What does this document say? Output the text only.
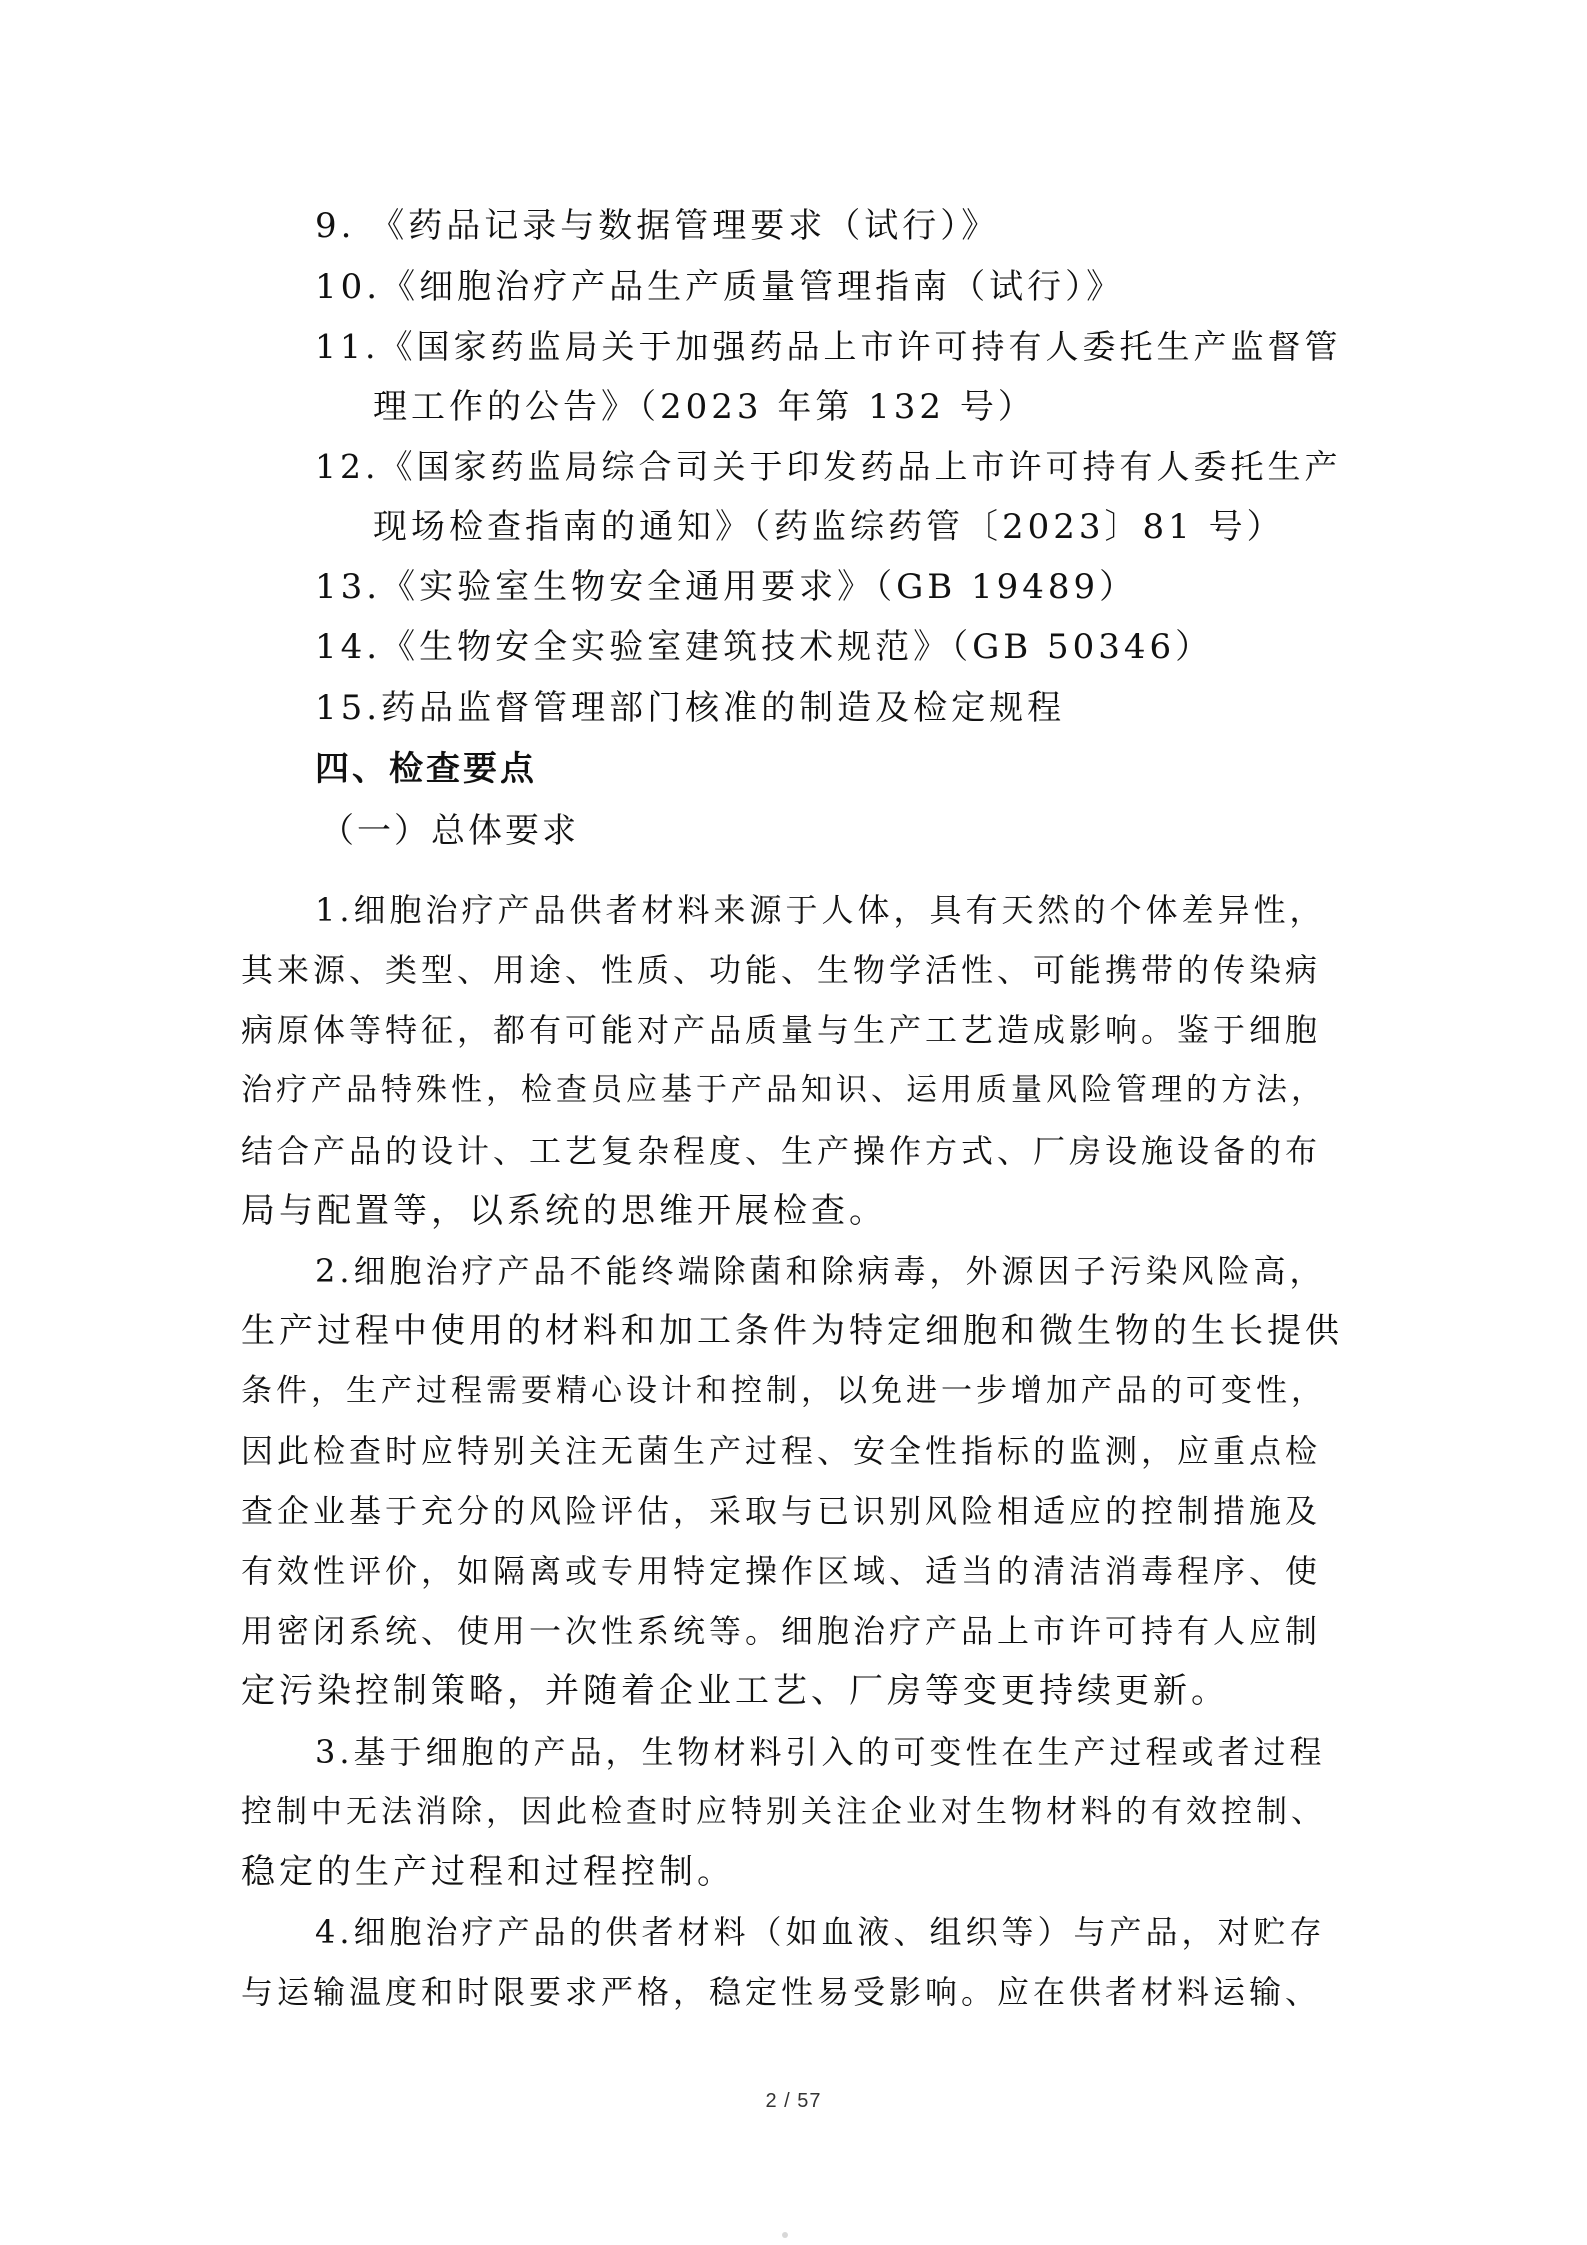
9. 《药品记录与数据管理要求（试行）》
10.《细胞治疗产品生产质量管理指南（试行）》
11.《国家药监局关于加强药品上市许可持有人委托生产监督管
理工作的公告》（2023 年第 132 号）
12.《国家药监局综合司关于印发药品上市许可持有人委托生产
现场检查指南的通知》（药监综药管〔2023〕81 号）
13.《实验室生物安全通用要求》（GB 19489）
14.《生物安全实验室建筑技术规范》（GB 50346）
15.药品监督管理部门核准的制造及检定规程
四、检查要点
（一）总体要求
1.细胞治疗产品供者材料来源于人体，具有天然的个体差异性，
其来源、类型、用途、性质、功能、生物学活性、可能携带的传染病
病原体等特征，都有可能对产品质量与生产工艺造成影响。鉴于细胞
治疗产品特殊性，检查员应基于产品知识、运用质量风险管理的方法，
结合产品的设计、工艺复杂程度、生产操作方式、厂房设施设备的布
局与配置等，以系统的思维开展检查。
2.细胞治疗产品不能终端除菌和除病毒，外源因子污染风险高，
生产过程中使用的材料和加工条件为特定细胞和微生物的生长提供
条件，生产过程需要精心设计和控制，以免进一步增加产品的可变性，
因此检查时应特别关注无菌生产过程、安全性指标的监测，应重点检
查企业基于充分的风险评估，采取与已识别风险相适应的控制措施及
有效性评价，如隔离或专用特定操作区域、适当的清洁消毒程序、使
用密闭系统、使用一次性系统等。细胞治疗产品上市许可持有人应制
定污染控制策略，并随着企业工艺、厂房等变更持续更新。
3.基于细胞的产品，生物材料引入的可变性在生产过程或者过程
控制中无法消除，因此检查时应特别关注企业对生物材料的有效控制、
稳定的生产过程和过程控制。
4.细胞治疗产品的供者材料（如血液、组织等）与产品，对贮存
与运输温度和时限要求严格，稳定性易受影响。应在供者材料运输、
2 / 57
